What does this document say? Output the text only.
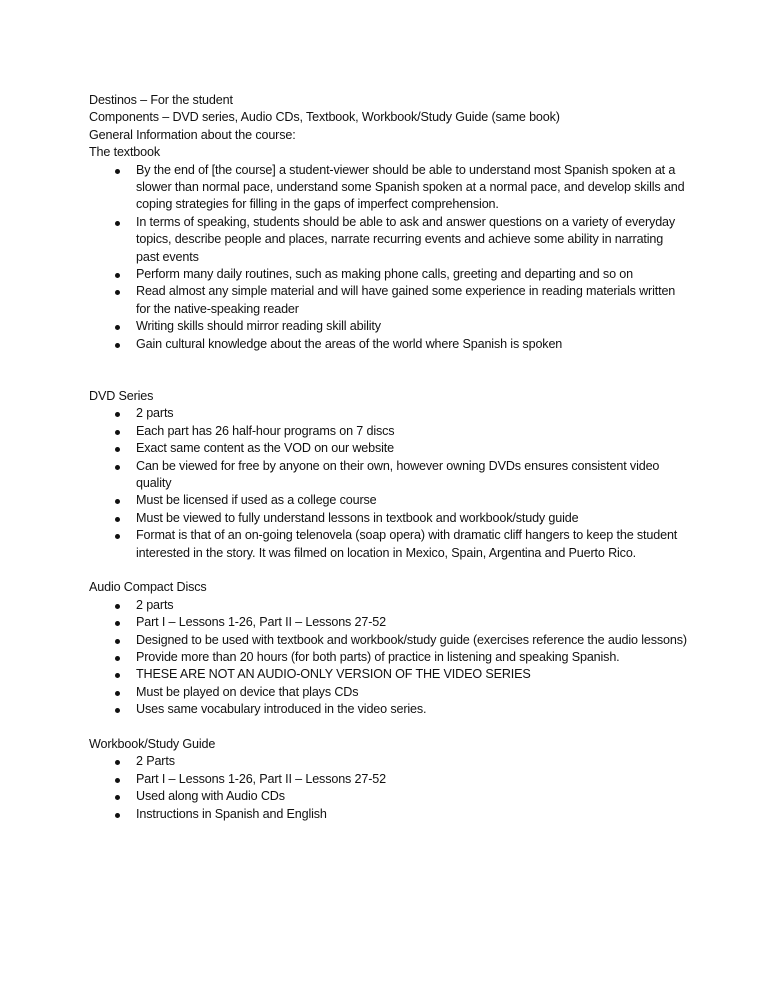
Destinos – For the student

Components – DVD series, Audio CDs, Textbook, Workbook/Study Guide (same book)

General Information about the course:

The textbook

By the end of [the course] a student-viewer should be able to understand most Spanish spoken at a slower than normal pace, understand some Spanish spoken at a normal pace, and develop skills and coping strategies for filling in the gaps of imperfect comprehension.
In terms of speaking, students should be able to ask and answer questions on a variety of everyday topics, describe people and places, narrate recurring events and achieve some ability in narrating past events
Perform many daily routines, such as making phone calls, greeting and departing and so on
Read almost any simple material and will have gained some experience in reading materials written for the native-speaking reader
Writing skills should mirror reading skill ability
Gain cultural knowledge about the areas of the world where Spanish is spoken

DVD Series

2 parts
Each part has 26 half-hour programs on 7 discs
Exact same content as the VOD on our website
Can be viewed for free by anyone on their own, however owning DVDs ensures consistent video quality
Must be licensed if used as a college course
Must be viewed to fully understand lessons in textbook and workbook/study guide
Format is that of an on-going telenovela (soap opera) with dramatic cliff hangers to keep the student interested in the story. It was filmed on location in Mexico, Spain, Argentina and Puerto Rico.

Audio Compact Discs

2 parts
Part I – Lessons 1-26, Part II – Lessons 27-52
Designed to be used with textbook and workbook/study guide (exercises reference the audio lessons)
Provide more than 20 hours (for both parts) of practice in listening and speaking Spanish.
THESE ARE NOT AN AUDIO-ONLY VERSION OF THE VIDEO SERIES
Must be played on device that plays CDs
Uses same vocabulary introduced in the video series.

Workbook/Study Guide

2 Parts
Part I – Lessons 1-26, Part II – Lessons 27-52
Used along with Audio CDs
Instructions in Spanish and English
